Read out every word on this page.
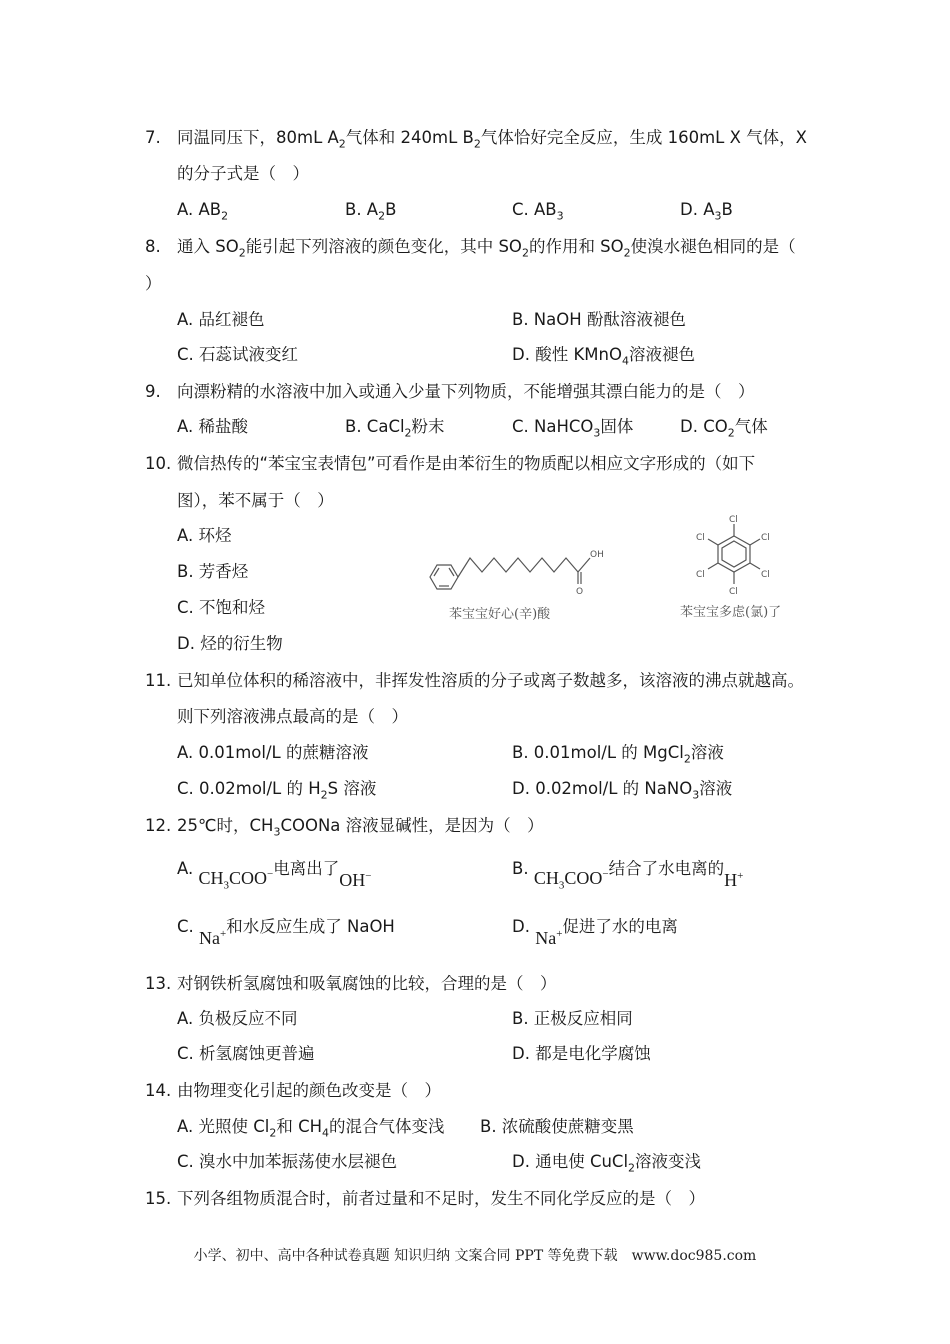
7. 同温同压下，80mL $A_2$气体和 240mL $B_2$气体恰好完全反应，生成 160mL X 气体，X
的分子式是（　）
A. $AB_2$	B. $A_2B$	C. $AB_3$	D. $A_3B$
8. 通入 $SO_2$能引起下列溶液的颜色变化，其中 $SO_2$的作用和 $SO_2$使溴水褪色相同的是（
）
A. 品红褪色	B. NaOH 酚酞溶液褪色
C. 石蕊试液变红	D. 酸性 KMnO$_4$溶液褪色
9. 向漂粉精的水溶液中加入或通入少量下列物质，不能增强其漂白能力的是（　）
A. 稀盐酸	B. CaCl$_2$粉末	C. NaHCO$_3$固体	D. $CO_2$气体
10. 微信热传的“苯宝宝表情包”可看作是由苯衍生的物质配以相应文字形成的（如下
图），苯不属于（　）
A. 环烃
B. 芳香烃
C. 不饱和烃
D. 烃的衍生物
OH
O
苯宝宝好心(辛)酸
Cl
Cl
Cl
Cl
Cl
Cl
苯宝宝多虑(氯)了
11. 已知单位体积的稀溶液中，非挥发性溶质的分子或离子数越多，该溶液的沸点就越高。
则下列溶液沸点最高的是（　）
A. 0.01mol/L 的蔗糖溶液	B. 0.01mol/L 的 MgCl$_2$溶液
C. 0.02mol/L 的 $H_2S$ 溶液	D. 0.02mol/L 的 NaNO$_3$溶液
12. 25℃时，$CH_3COONa$ 溶液显碱性，是因为（　）
A. $CH_3COO^-$电离出了OH−	B. $CH_3COO^-$结合了水电离的H+
C. Na+和水反应生成了 NaOH	D. Na+促进了水的电离
13. 对钢铁析氢腐蚀和吸氧腐蚀的比较，合理的是（　）
A. 负极反应不同	B. 正极反应相同
C. 析氢腐蚀更普遍	D. 都是电化学腐蚀
14. 由物理变化引起的颜色改变是（　）
A. 光照使 $Cl_2$和 $CH_4$的混合气体变浅 B. 浓硫酸使蔗糖变黑
C. 溴水中加苯振荡使水层褪色	D. 通电使 CuCl$_2$溶液变浅
15. 下列各组物质混合时，前者过量和不足时，发生不同化学反应的是（　）
小学、初中、高中各种试卷真题 知识归纳 文案合同 PPT 等免费下载　www.doc985.com
